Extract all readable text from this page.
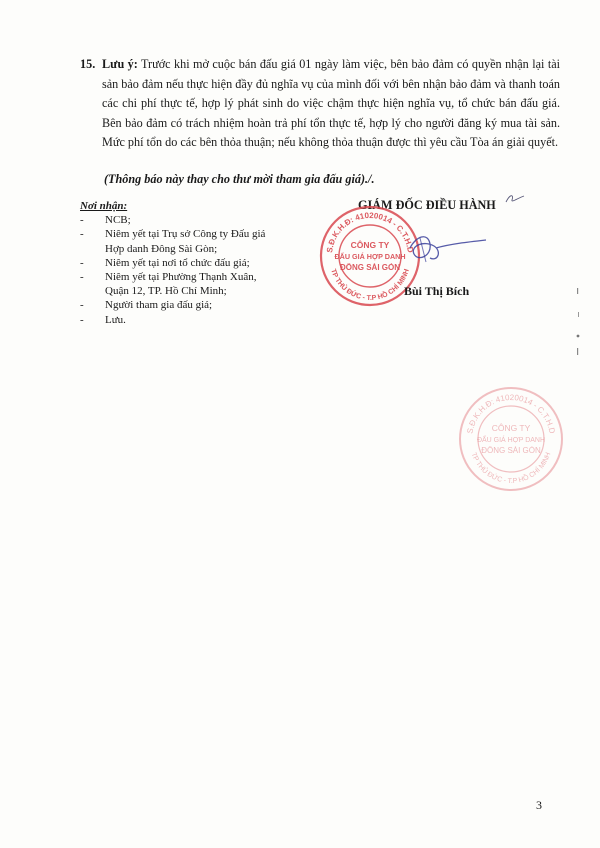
15. Lưu ý: Trước khi mở cuộc bán đấu giá 01 ngày làm việc, bên bảo đảm có quyền nhận lại tài sản bảo đảm nếu thực hiện đầy đủ nghĩa vụ của mình đối với bên nhận bảo đảm và thanh toán các chi phí thực tế, hợp lý phát sinh do việc chậm thực hiện nghĩa vụ, tổ chức bán đấu giá. Bên bảo đảm có trách nhiệm hoàn trả phí tổn thực tế, hợp lý cho người đăng ký mua tài sản. Mức phí tổn do các bên thỏa thuận; nếu không thỏa thuận được thì yêu cầu Tòa án giải quyết.
(Thông báo này thay cho thư mời tham gia đấu giá)./.
Nơi nhận:
- NCB;
- Niêm yết tại Trụ sở Công ty Đấu giá Hợp danh Đông Sài Gòn;
- Niêm yết tại nơi tổ chức đấu giá;
- Niêm yết tại Phường Thạnh Xuân, Quận 12, TP. Hồ Chí Minh;
- Người tham gia đấu giá;
- Lưu.
GIÁM ĐỐC ĐIỀU HÀNH
S.Đ.K.H.Đ: 41020014 - C.T.H.D
TP THỦ ĐỨC - T.P HỒ CHÍ MINH
CÔNG TY
ĐẤU GIÁ HỢP DANH
ĐÔNG SÀI GÒN
Bùi Thị Bích
S.Đ.K.H.Đ: 41020014 - C.T.H.D
TP THỦ ĐỨC - T.P HỒ CHÍ MINH
CÔNG TY
ĐẤU GIÁ HỢP DANH
ĐÔNG SÀI GÒN
3
